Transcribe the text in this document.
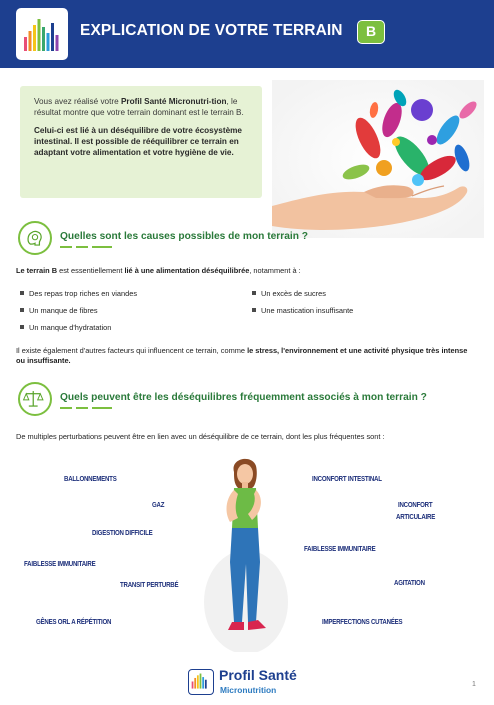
EXPLICATION DE VOTRE TERRAIN	B

Vous avez réalisé votre Profil Santé Micronutri-tion, le résultat montre que votre terrain dominant est le terrain B.

Celui-ci est lié à un déséquilibre de votre écosystème intestinal. Il est possible de rééquilibrer ce terrain en adaptant votre alimentation et votre hygiène de vie.

Quelles sont les causes possibles de mon terrain ?
Le terrain B est essentiellement lié à une alimentation déséquilibrée, notamment à :
Des repas trop riches en viandes
Un manque de fibres
Un manque d'hydratation
Un excès de sucres
Une mastication insuffisante
Il existe également d'autres facteurs qui influencent ce terrain, comme le stress, l'environnement et une activité physique très intense ou insuffisante.
Quels peuvent être les déséquilibres fréquemment associés à mon terrain ?
De multiples perturbations peuvent être en lien avec un déséquilibre de ce terrain, dont les plus fréquentes sont :
BALLONNEMENTS
GAZ
DIGESTION DIFFICILE
FAIBLESSE IMMUNITAIRE
TRANSIT PERTURBÉ
GÊNES ORL A RÉPÉTITION
INCONFORT INTESTINAL
INCONFORT
ARTICULAIRE
FAIBLESSE IMMUNITAIRE
AGITATION
IMPERFECTIONS CUTANÉES
Profil Santé
Micronutrition
1
